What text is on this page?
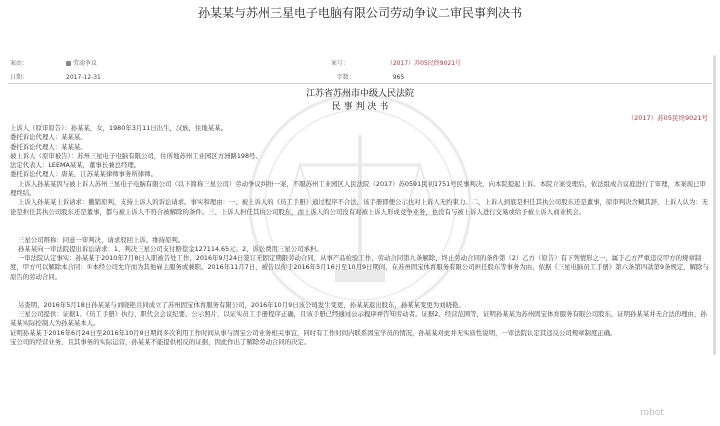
孙某某与苏州三星电子电脑有限公司劳动争议二审民事判决书
案由：	劳动争议	案号：	（2017）苏05民终9021号
日期：	2017-12-31	字数：	965
江苏省苏州市中级人民法院
民 事 判 决 书
（2017）苏05民终9021号

上诉人（原审原告）：孙某某，女，1980年3月11日出生，汉族，住地某某。

委托诉讼代理人：某某某。

委托诉讼代理人：某某某。

被上诉人（原审被告）：苏州三星电子电脑有限公司，住所地苏州工业园区方洲路198号。

法定代表人：LEEMA某某，董事长兼总经理。

委托诉讼代理人：唐某，江苏某某律师事务所律师。

上诉人孙某某因与被上诉人苏州三星电子电脑有限公司（以下简称三星公司）劳动争议纠纷一案，不服苏州工业园区人民法院（2017）苏0591民初1751号民事判决，向本院提起上诉。本院立案受理后，依法组成合议庭进行了审理，本案现已审理终结。

上诉人孙某某上诉请求：撤销原判，支持上诉人的诉讼请求。事实和理由：一、被上诉人的《员工手册》通过程序不合法，该手册即便公示也对上诉人无约束力。二、上诉人到底是担任其执公司股东还是董事，原审判决含糊其辞，上诉人认为：无论是担任其执公司股东还是董事，都与被上诉人不符合被解除的条件。三、上诉人担任其执公司股东，而上诉人的公司没有对被上诉人形成竞争业务，也没有与被上诉人进行交易或给予被上诉人商业机会。

三星公司辩称：同意一审判决，请求驳回上诉。维持原判。

孙某某向一审法院提出诉讼请求：1、判决三星公司支付赔偿金127114.65元；2、诉讼费用三星公司承担。

一审法院认定事实：孙某某于2010年7月8日入职被告处工作，2016年9月24日签订无固定期限劳动合同，从事产品检验工作，劳动合同第九条解除、终止劳动合同的条件第（2）乙方（原告）有下列情形之一，属于乙方严重违反甲方的规章制度，甲方可以解除本合同：①本经公司允许而为其他雇主服务或兼职。2016年11月7日，被告以你于2016年5月16日至10月9日期间，在苏州固宝体育服务有限公司担任股东等事务为由，依据《三星电脑员工手册》第六条第四款第9条规定，解除与原告的劳动合同。

另查明，2016年5月18日孙某某与刘晓艳共同成立了苏州固宝体育服务有限公司，2016年10月9日该公司发生变更，孙某某退出股东，孙某某变更为刘晓艳。

三星公司提供：证据1、《员工手册》执行、职代会会议纪要、公示照片，以证实员工手册程序正确，且该手册已经通过公示程序并告知劳动者。证据2、经营范围等，证明孙某某为苏州固宝体育服务有限公司股东，证明孙某某并无合法的理由，孙某某实际控制人为孙某某本人。

证明孙某某于2016年6月24日至2016年10月9日期间多次利用工作时间从事与固宝公司业务相关事宜，同时有工作时间内联系固宝学员的情况，孙某某对此并无实质性说明，一审法院认定其违反公司规章制度正确。

宝公司的经营业务，且其事务的实际运营，孙某某不能提供相反的证据，因此作出了解除劳动合同的决定。

robot
